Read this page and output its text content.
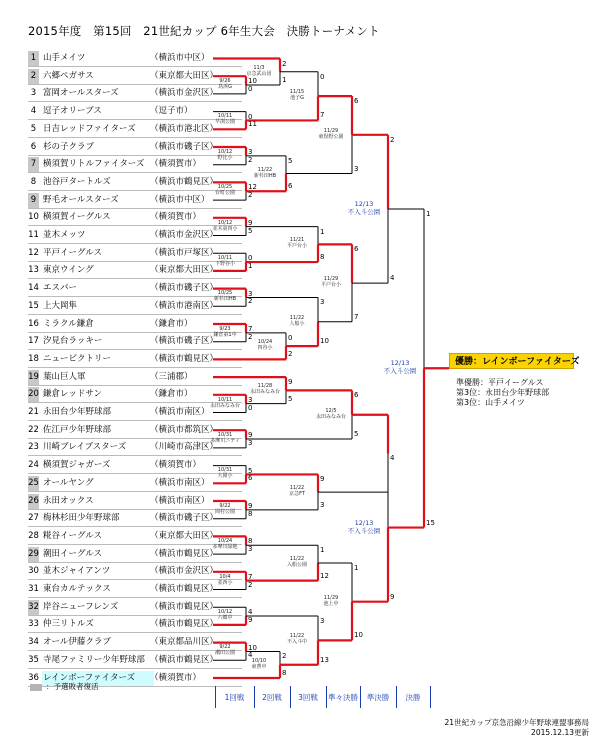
2015年度　第15回　21世紀カップ 6年生大会　決勝トーナメント
1 山手メイツ	（横浜市中区）
2 六郷ペガサス	（東京都大田区）
3 富岡オールスターズ	（横浜市金沢区）
4 逗子オリーブス	（逗子市）
5 日吉レッドファイターズ	（横浜市港北区）
6 杉の子クラブ	（横浜市磯子区）
7 横須賀リトルファイターズ （横須賀市）
8 池谷戸タートルズ	（横浜市鶴見区）
9 野毛オールスターズ	（横浜市中区）
10 横須賀イーグルス	（横須賀市）
11 並木メッツ	（横浜市金沢区）
12 平戸イーグルス	（横浜市戸塚区）
13 東京ウイング	（東京都大田区）
14 エスパー	（横浜市磯子区）
15 上大岡隼	（横浜市港南区）
16 ミラクル鎌倉	（鎌倉市）
17 汐見台ラッキー	（横浜市磯子区）
18 ニュービクトリー	（横浜市鶴見区）
19 葉山巨人軍	（三浦郡）
20 鎌倉レッドサン	（鎌倉市）
21 永田台少年野球部	（横浜市南区）
22 佐江戸少年野球部	（横浜市都筑区）
23 川崎ブレイブスターズ	（川崎市高津区）
24 横須賀ジャガーズ	（横須賀市）
25 オールヤング	（横浜市南区）
26 永田オックス	（横浜市南区）
27 梅林杉田少年野球部	（横浜市磯子区）
28 糀谷イーグルス	（東京都大田区）
29 潮田イーグルス	（横浜市鶴見区）
30 並木ジャイアンツ	（横浜市金沢区）
31 東台カルテックス	（横浜市鶴見区）
32 岸谷ニューフレンズ	（横浜市鶴見区）
33 仲三リトルズ	（横浜市鶴見区）
34 オール伊藤クラブ	（東京都品川区）
35 寺尾ファミリー少年野球部 （横浜市鶴見区）
36 レインボーファイターズ	（横須賀市）
10
0
9/26
鳥浜G
2
1
11/3
京急武山団
0
11
10/11
早渕公園
0
7
11/15
池子G
3
2
10/12
野比小
12
2
10/25
台町公園
5
6
11/22
新杉田HB
6
3
11/29
東俣野公園
9
5
10/12
並木第四小
0
1
10/11
下野谷小
1
8
11/21
平戸台小
3
2
10/25
新杉田HB
7
2
9/23
鎌倉第1中	0
2
10/24
四谷小
3
10
11/22
人船小
6
7
11/29
平戸台小
2
4
3
0
10/11
永田みなみ台
9
5
11/28
永田みなみ台
9
3
10/31
多摩川ニティ
6
5
12/5
永田みなみ台
5
6
10/31
大岡小
9
8
9/22
岡村公園
9
3
11/22
京急FT
8
3
10/24
多摩川緑地
7
2
10/4
並西小
1
12
11/22
入船公園
4
9
10/12
六郷中
10
4
9/22
潮田公園	2
8
10/10
東曹中
3
13
11/22
不入斗中
1
10
11/29
池上中
4
9
1
15
12/13
不入斗公園
12/13
不入斗公園
12/13
不入斗公園
優勝：レインボーファイターズ
準優勝：平戸イーグルス
第3位：永田台少年野球部
第3位：山手メイツ
：予選敗者復活
1回戦	2回戦	3回戦	準々決勝	準決勝	決勝
21世紀カップ京急沿線少年野球連盟事務局
2015.12.13更新
